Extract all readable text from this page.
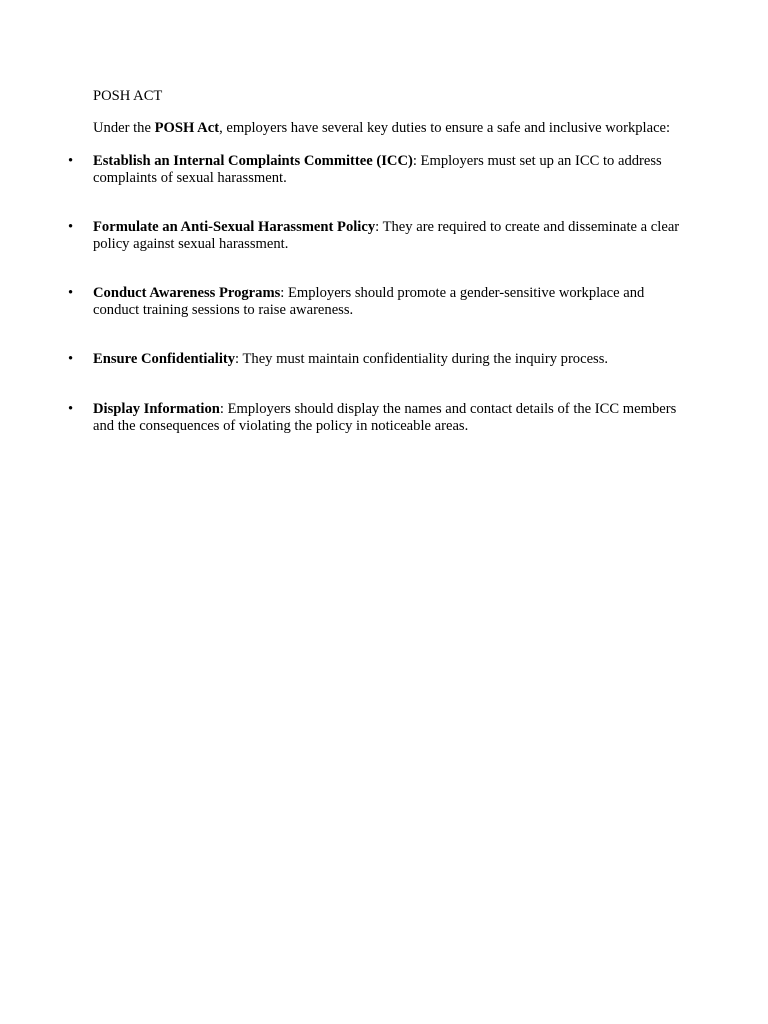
POSH ACT
Under the POSH Act, employers have several key duties to ensure a safe and inclusive workplace:
•	Establish an Internal Complaints Committee (ICC): Employers must set up an ICC to address complaints of sexual harassment.
•	Formulate an Anti-Sexual Harassment Policy: They are required to create and disseminate a clear policy against sexual harassment.
•	Conduct Awareness Programs: Employers should promote a gender-sensitive workplace and conduct training sessions to raise awareness.
•	Ensure Confidentiality: They must maintain confidentiality during the inquiry process.
•	Display Information: Employers should display the names and contact details of the ICC members and the consequences of violating the policy in noticeable areas.
